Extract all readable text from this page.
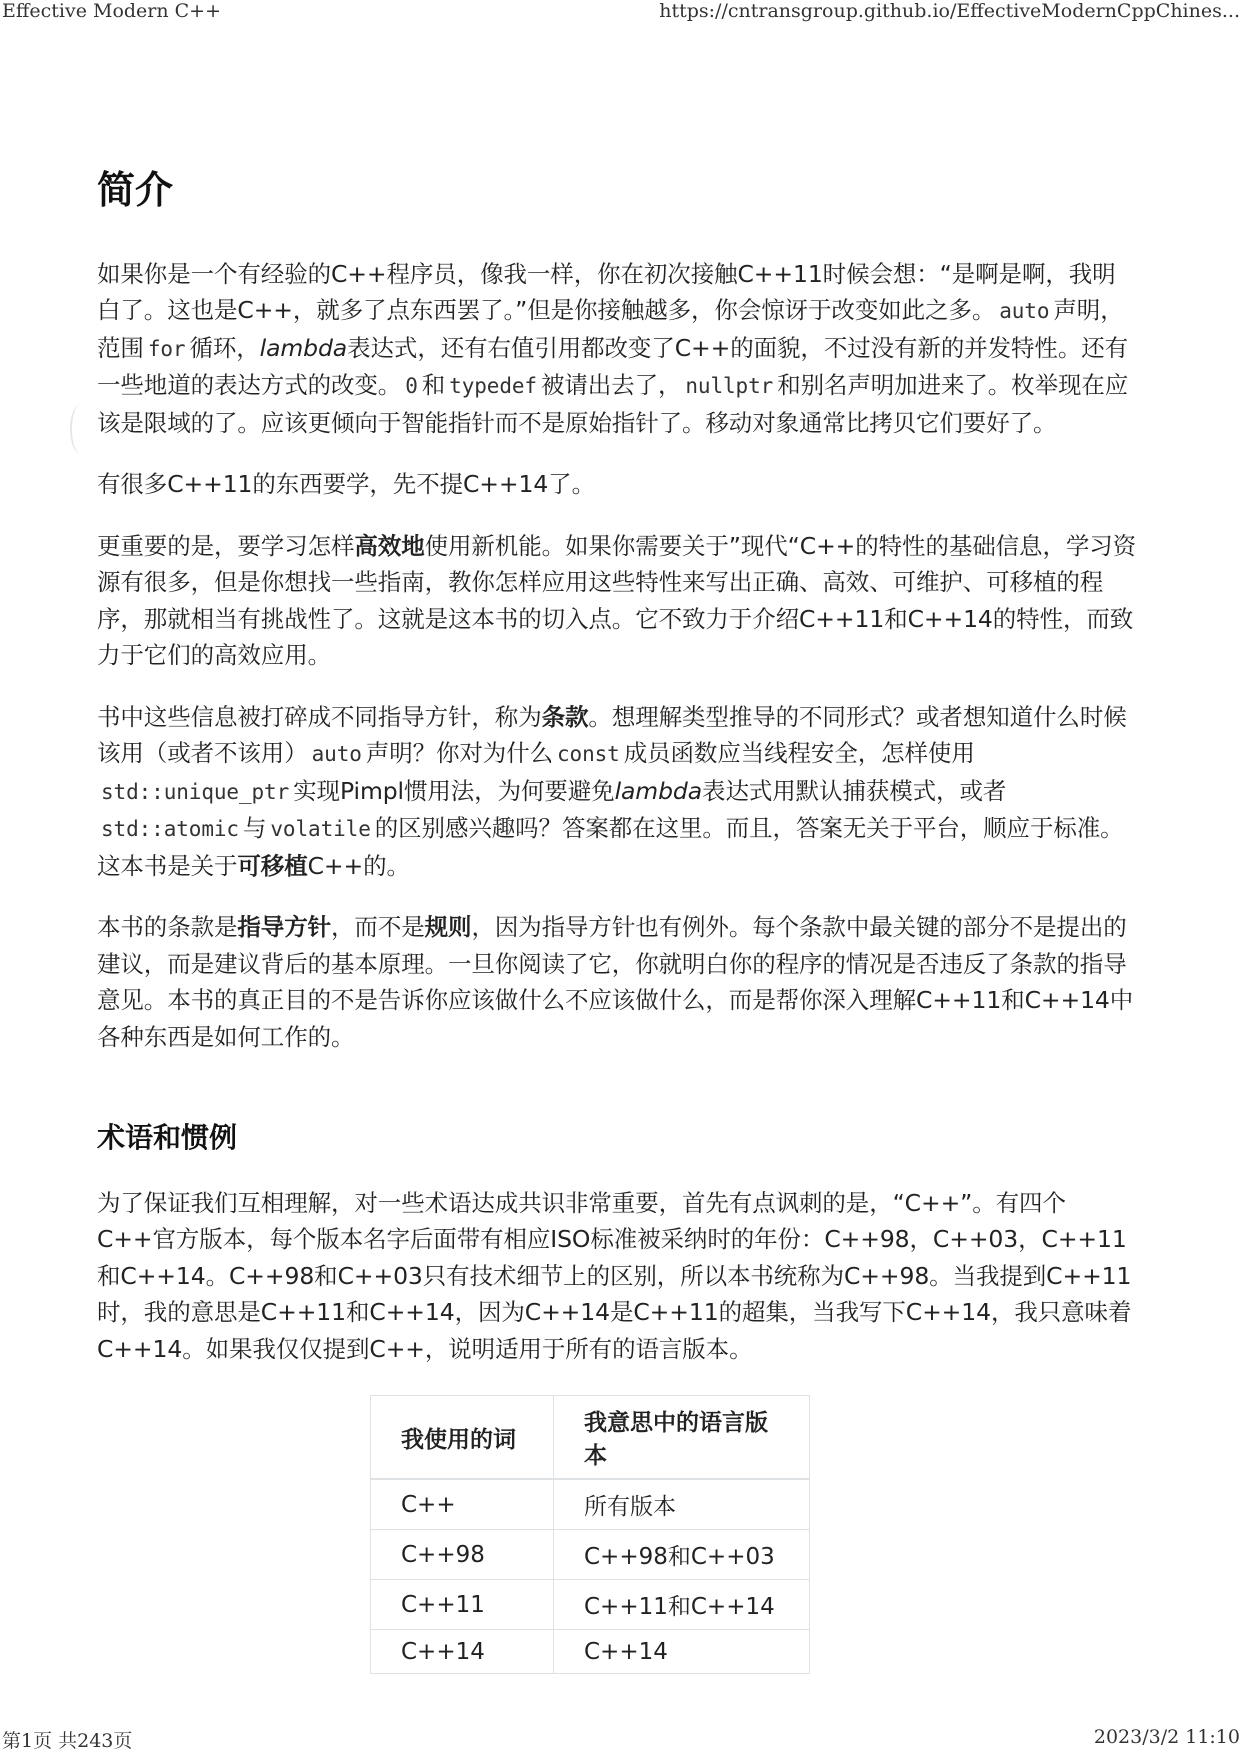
Effective Modern C++	https://cntransgroup.github.io/EffectiveModernCppChines...
简介

如果你是一个有经验的C++程序员，像我一样，你在初次接触C++11时候会想：“是啊是啊，我明白了。这也是C++，就多了点东西罢了。”但是你接触越多，你会惊讶于改变如此之多。 auto 声明，范围 for 循环，lambda表达式，还有右值引用都改变了C++的面貌，不过没有新的并发特性。还有一些地道的表达方式的改变。 0 和 typedef 被请出去了， nullptr 和别名声明加进来了。枚举现在应该是限域的了。应该更倾向于智能指针而不是原始指针了。移动对象通常比拷贝它们要好了。

有很多C++11的东西要学，先不提C++14了。

更重要的是，要学习怎样高效地使用新机能。如果你需要关于”现代“C++的特性的基础信息，学习资源有很多，但是你想找一些指南，教你怎样应用这些特性来写出正确、高效、可维护、可移植的程序，那就相当有挑战性了。这就是这本书的切入点。它不致力于介绍C++11和C++14的特性，而致力于它们的高效应用。

书中这些信息被打碎成不同指导方针，称为条款。想理解类型推导的不同形式？或者想知道什么时候该用（或者不该用） auto 声明？你对为什么 const 成员函数应当线程安全，怎样使用std::unique_ptr 实现Pimpl惯用法，为何要避免lambda表达式用默认捕获模式，或者std::atomic 与 volatile 的区别感兴趣吗？答案都在这里。而且，答案无关于平台，顺应于标准。这本书是关于可移植C++的。

本书的条款是指导方针，而不是规则，因为指导方针也有例外。每个条款中最关键的部分不是提出的建议，而是建议背后的基本原理。一旦你阅读了它，你就明白你的程序的情况是否违反了条款的指导意见。本书的真正目的不是告诉你应该做什么不应该做什么，而是帮你深入理解C++11和C++14中各种东西是如何工作的。

术语和惯例

为了保证我们互相理解，对一些术语达成共识非常重要，首先有点讽刺的是，“C++”。有四个C++官方版本，每个版本名字后面带有相应ISO标准被采纳时的年份：C++98，C++03，C++11和C++14。C++98和C++03只有技术细节上的区别，所以本书统称为C++98。当我提到C++11时，我的意思是C++11和C++14，因为C++14是C++11的超集，当我写下C++14，我只意味着C++14。如果我仅仅提到C++，说明适用于所有的语言版本。

我使用的词	我意思中的语言版本
C++	所有版本
C++98	C++98和C++03
C++11	C++11和C++14
C++14	C++14
第1页 共243页	2023/3/2 11:10
